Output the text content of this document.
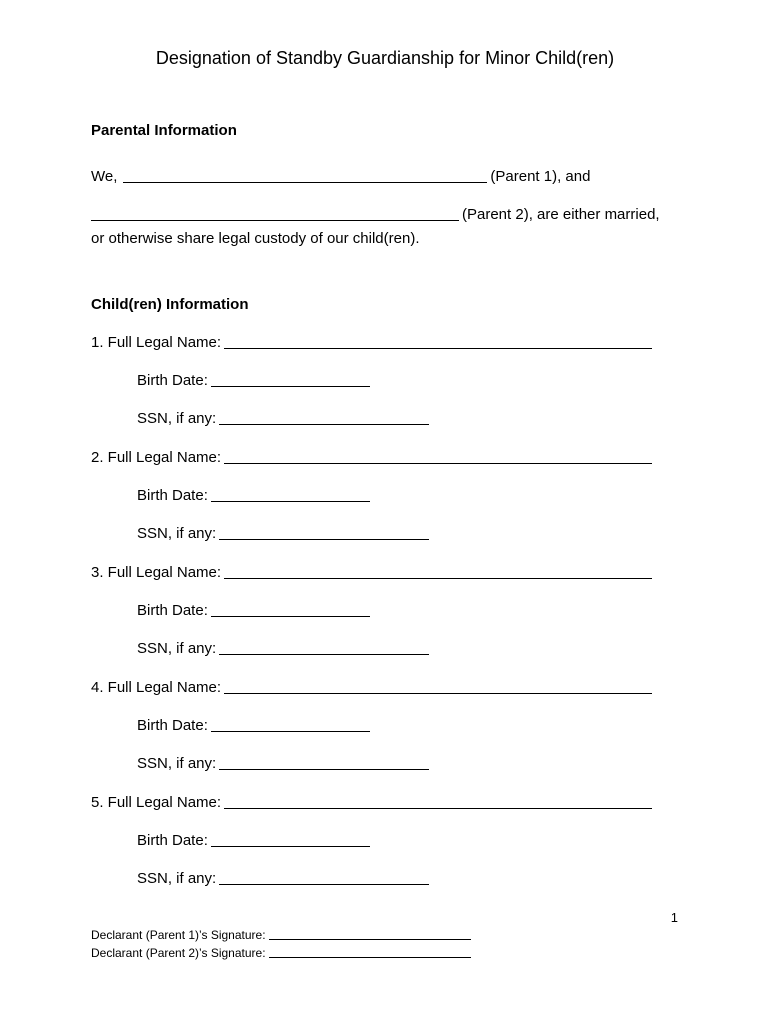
Designation of Standby Guardianship for Minor Child(ren)
Parental Information
We,	(Parent 1), and
(Parent 2), are either married,
or otherwise share legal custody of our child(ren).
Child(ren) Information
1. Full Legal Name:
Birth Date:
SSN, if any:
2. Full Legal Name:
Birth Date:
SSN, if any:
3. Full Legal Name:
Birth Date:
SSN, if any:
4. Full Legal Name:
Birth Date:
SSN, if any:
5. Full Legal Name:
Birth Date:
SSN, if any:
1
Declarant (Parent 1)’s Signature:
Declarant (Parent 2)’s Signature:
